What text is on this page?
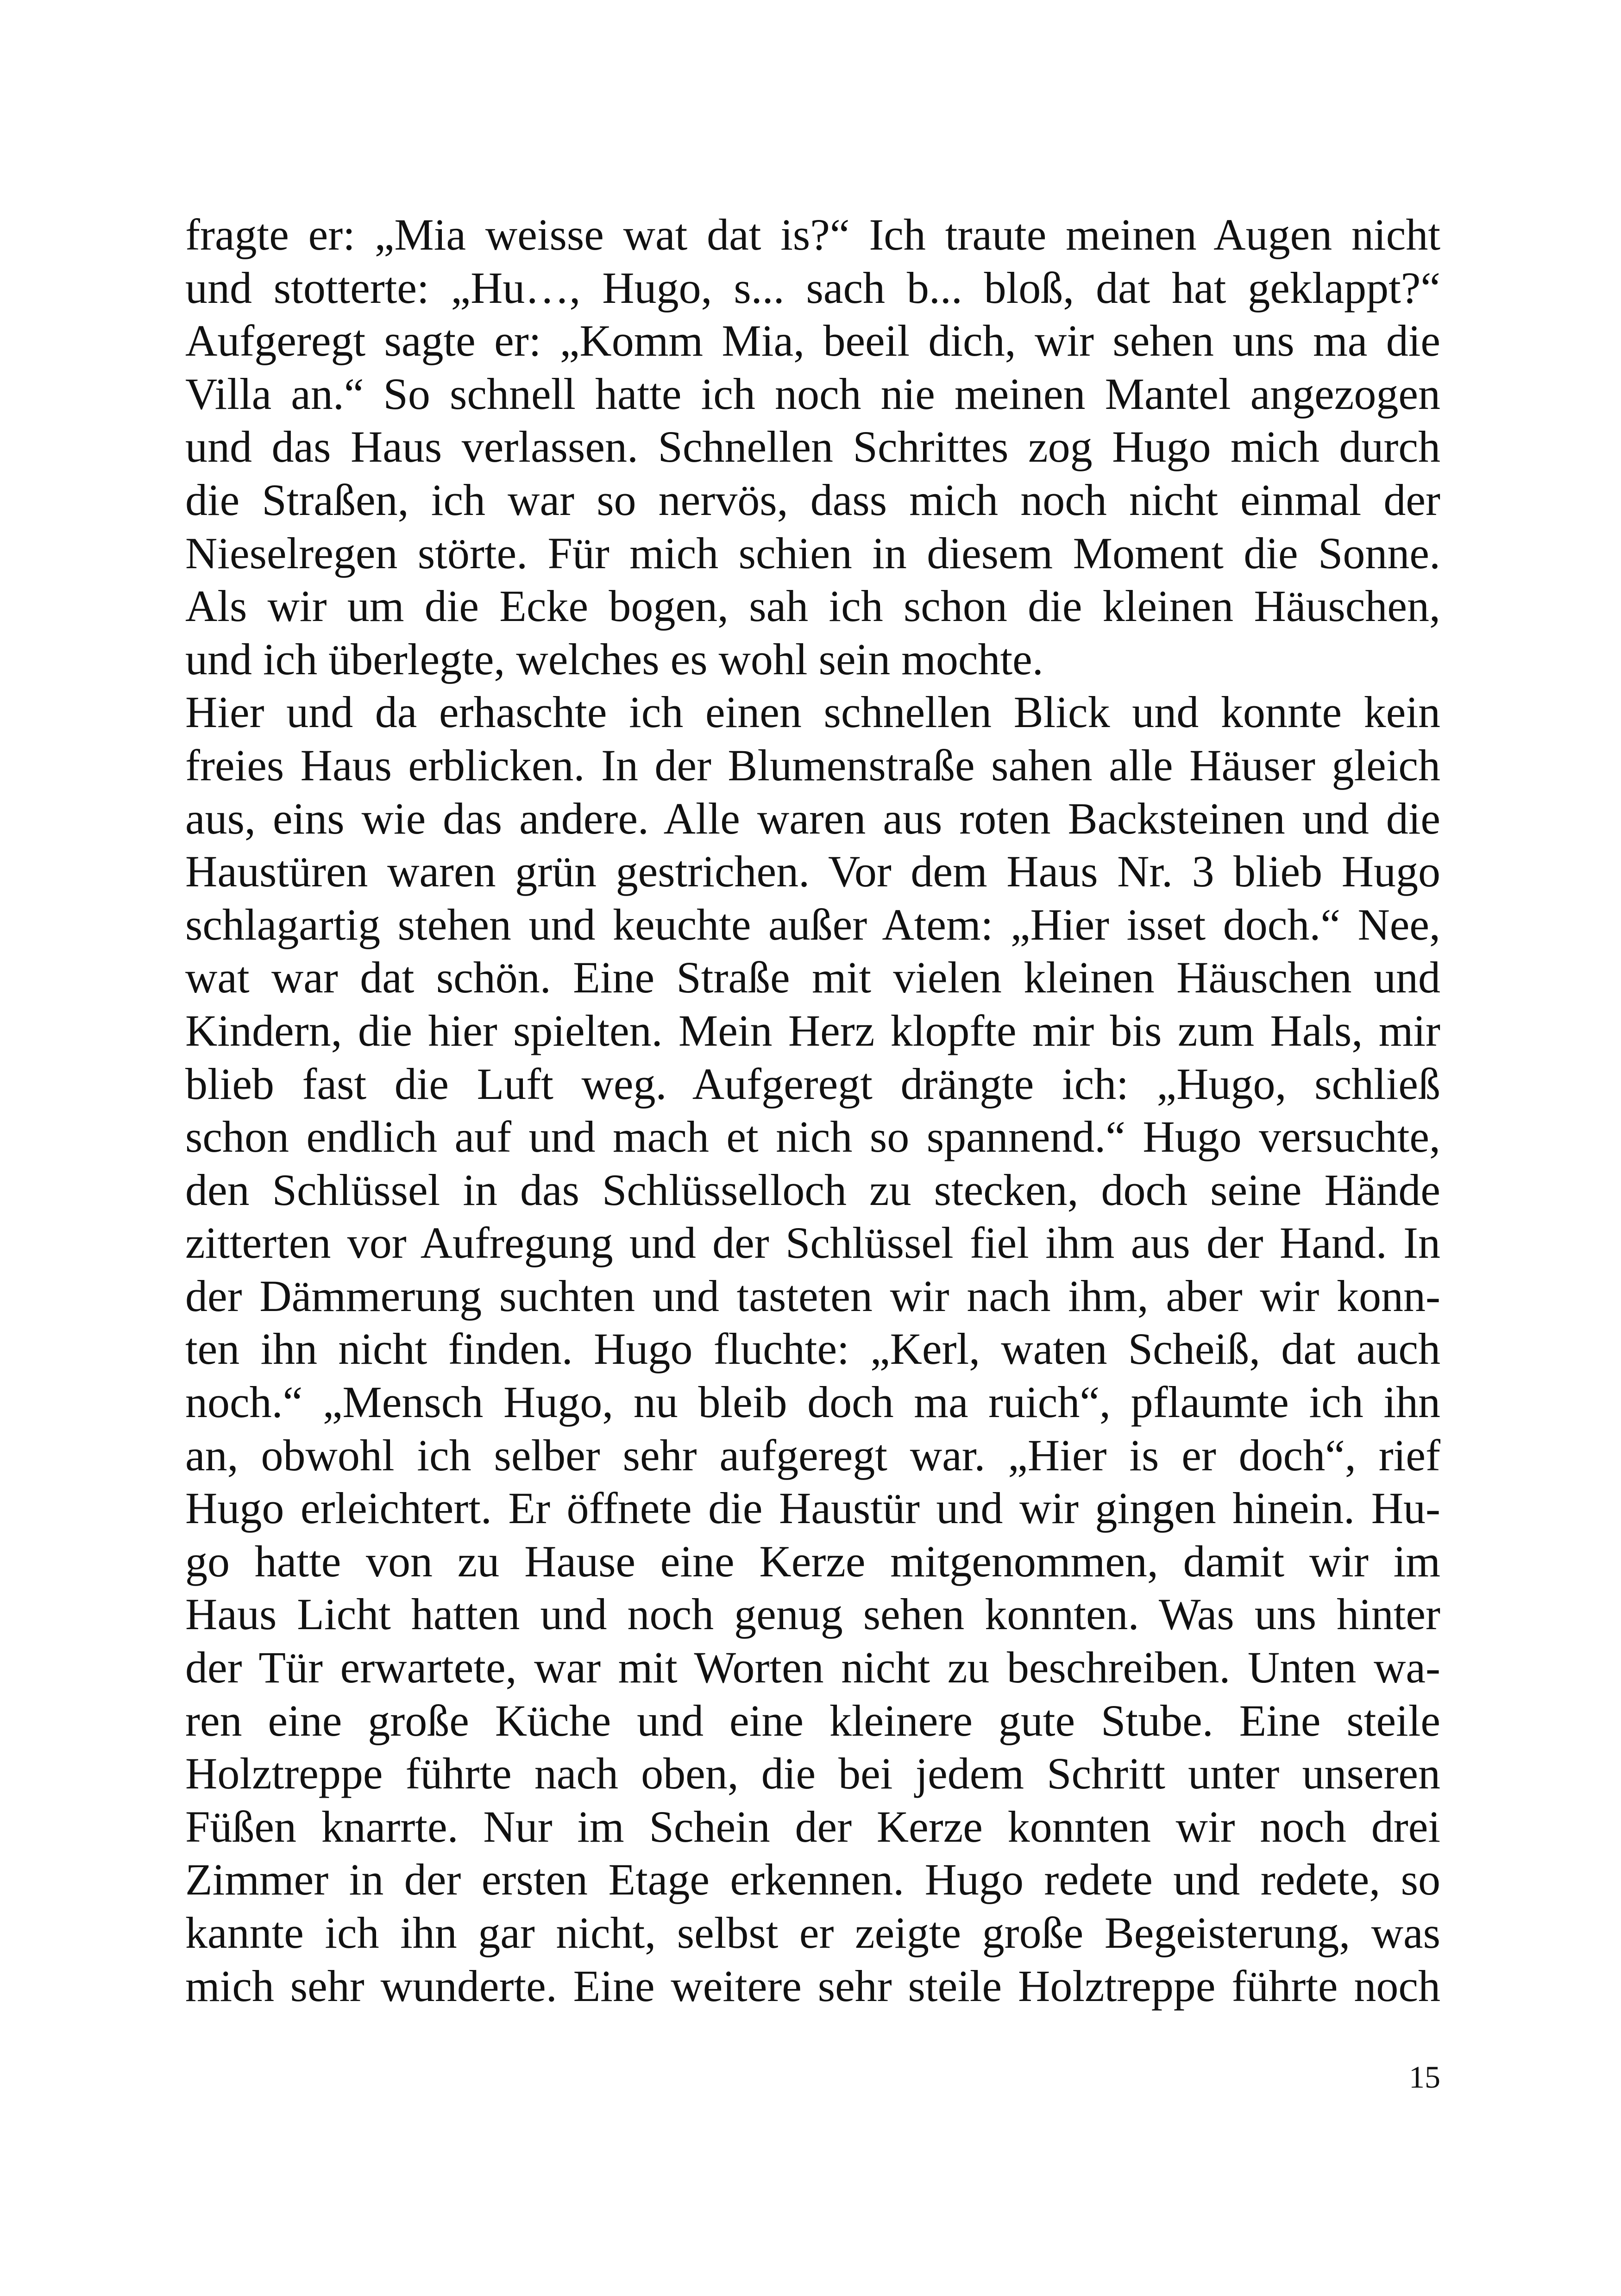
fragte er: „Mia weisse wat dat is?“ Ich traute meinen Augen nicht
und stotterte: „Hu…, Hugo, s... sach b... bloß, dat hat geklappt?“
Aufgeregt sagte er: „Komm Mia, beeil dich, wir sehen uns ma die
Villa an.“ So schnell hatte ich noch nie meinen Mantel angezogen
und das Haus verlassen. Schnellen Schrittes zog Hugo mich durch
die Straßen, ich war so nervös, dass mich noch nicht einmal der
Nieselregen störte. Für mich schien in diesem Moment die Sonne.
Als wir um die Ecke bogen, sah ich schon die kleinen Häuschen,
und ich überlegte, welches es wohl sein mochte.
Hier und da erhaschte ich einen schnellen Blick und konnte kein
freies Haus erblicken. In der Blumenstraße sahen alle Häuser gleich
aus, eins wie das andere. Alle waren aus roten Backsteinen und die
Haustüren waren grün gestrichen. Vor dem Haus Nr. 3 blieb Hugo
schlagartig stehen und keuchte außer Atem: „Hier isset doch.“ Nee,
wat war dat schön. Eine Straße mit vielen kleinen Häuschen und
Kindern, die hier spielten. Mein Herz klopfte mir bis zum Hals, mir
blieb fast die Luft weg. Aufgeregt drängte ich: „Hugo, schließ
schon endlich auf und mach et nich so spannend.“ Hugo versuchte,
den Schlüssel in das Schlüsselloch zu stecken, doch seine Hände
zitterten vor Aufregung und der Schlüssel fiel ihm aus der Hand. In
der Dämmerung suchten und tasteten wir nach ihm, aber wir konn-
ten ihn nicht finden. Hugo fluchte: „Kerl, waten Scheiß, dat auch
noch.“ „Mensch Hugo, nu bleib doch ma ruich“, pflaumte ich ihn
an, obwohl ich selber sehr aufgeregt war. „Hier is er doch“, rief
Hugo erleichtert. Er öffnete die Haustür und wir gingen hinein. Hu-
go hatte von zu Hause eine Kerze mitgenommen, damit wir im
Haus Licht hatten und noch genug sehen konnten. Was uns hinter
der Tür erwartete, war mit Worten nicht zu beschreiben. Unten wa-
ren eine große Küche und eine kleinere gute Stube. Eine steile
Holztreppe führte nach oben, die bei jedem Schritt unter unseren
Füßen knarrte. Nur im Schein der Kerze konnten wir noch drei
Zimmer in der ersten Etage erkennen. Hugo redete und redete, so
kannte ich ihn gar nicht, selbst er zeigte große Begeisterung, was
mich sehr wunderte. Eine weitere sehr steile Holztreppe führte noch
15
